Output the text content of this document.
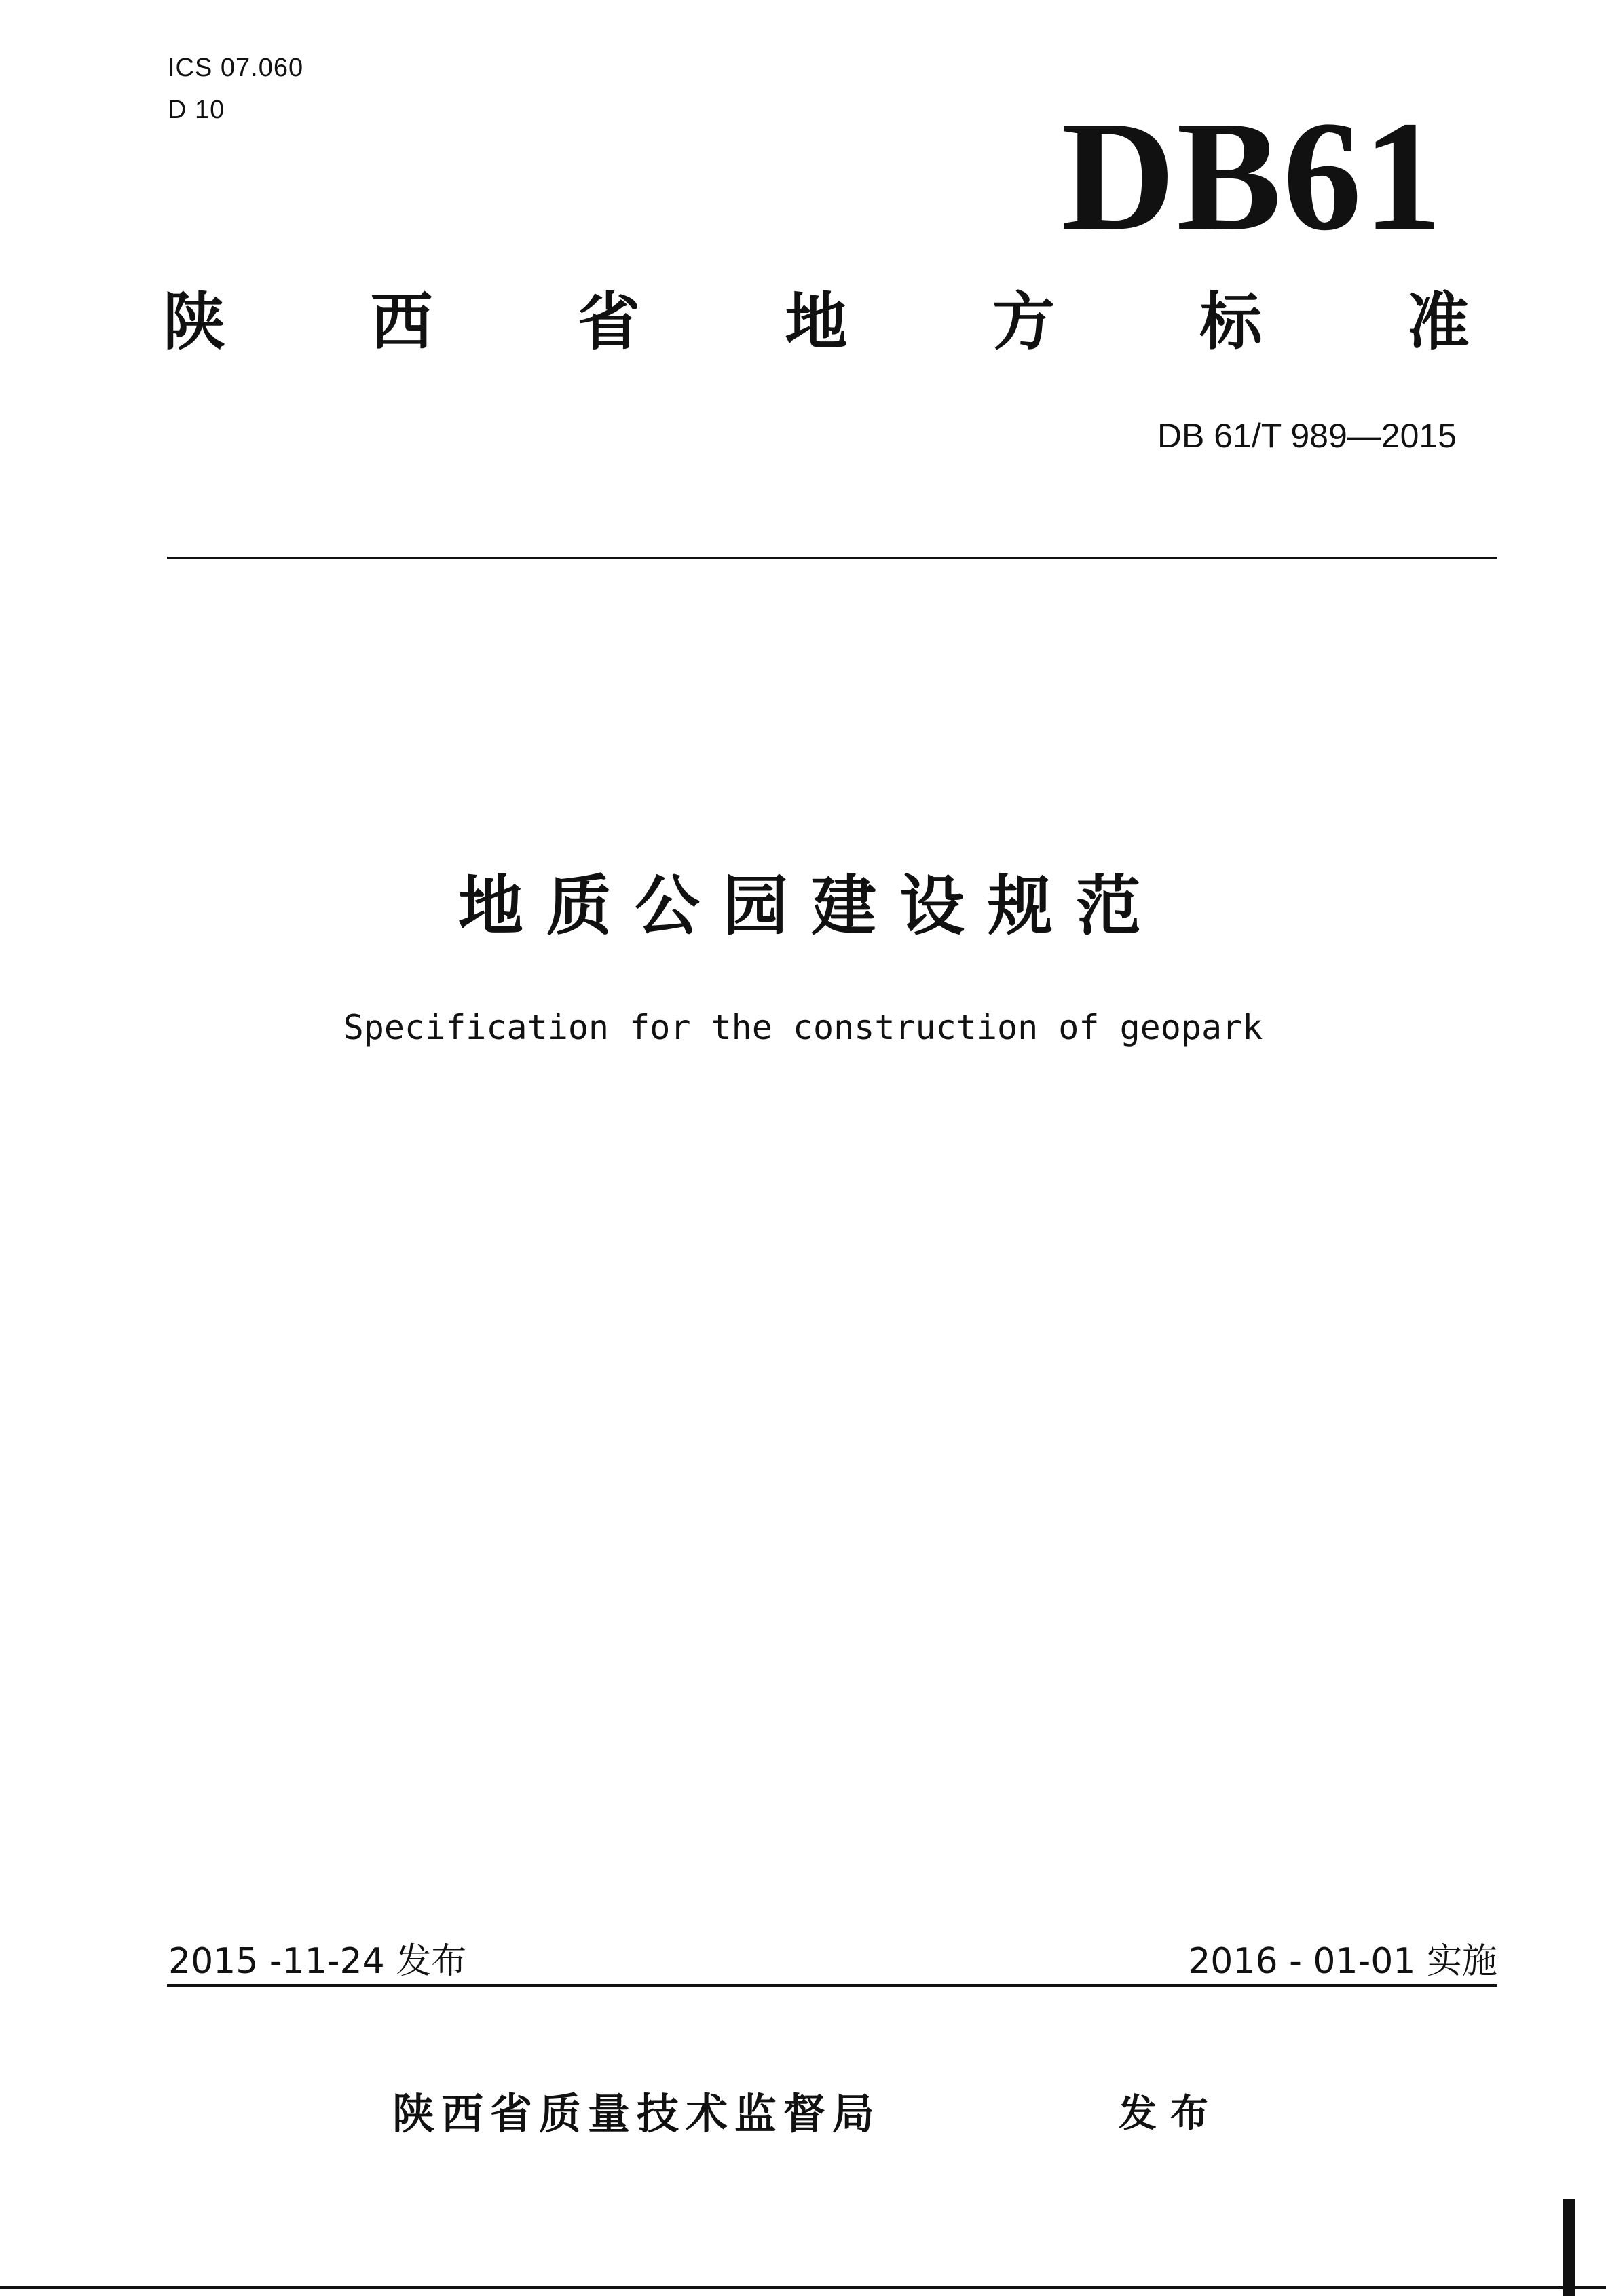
ICS 07.060
D 10	DB61
陕 西 省 地 方 标 准
DB 61/T 989—2015
地质公园建设规范
Specification for the construction of geopark
2015 -11-24 发布	2016 - 01-01 实施
陕西省质量技术监督局	发布
